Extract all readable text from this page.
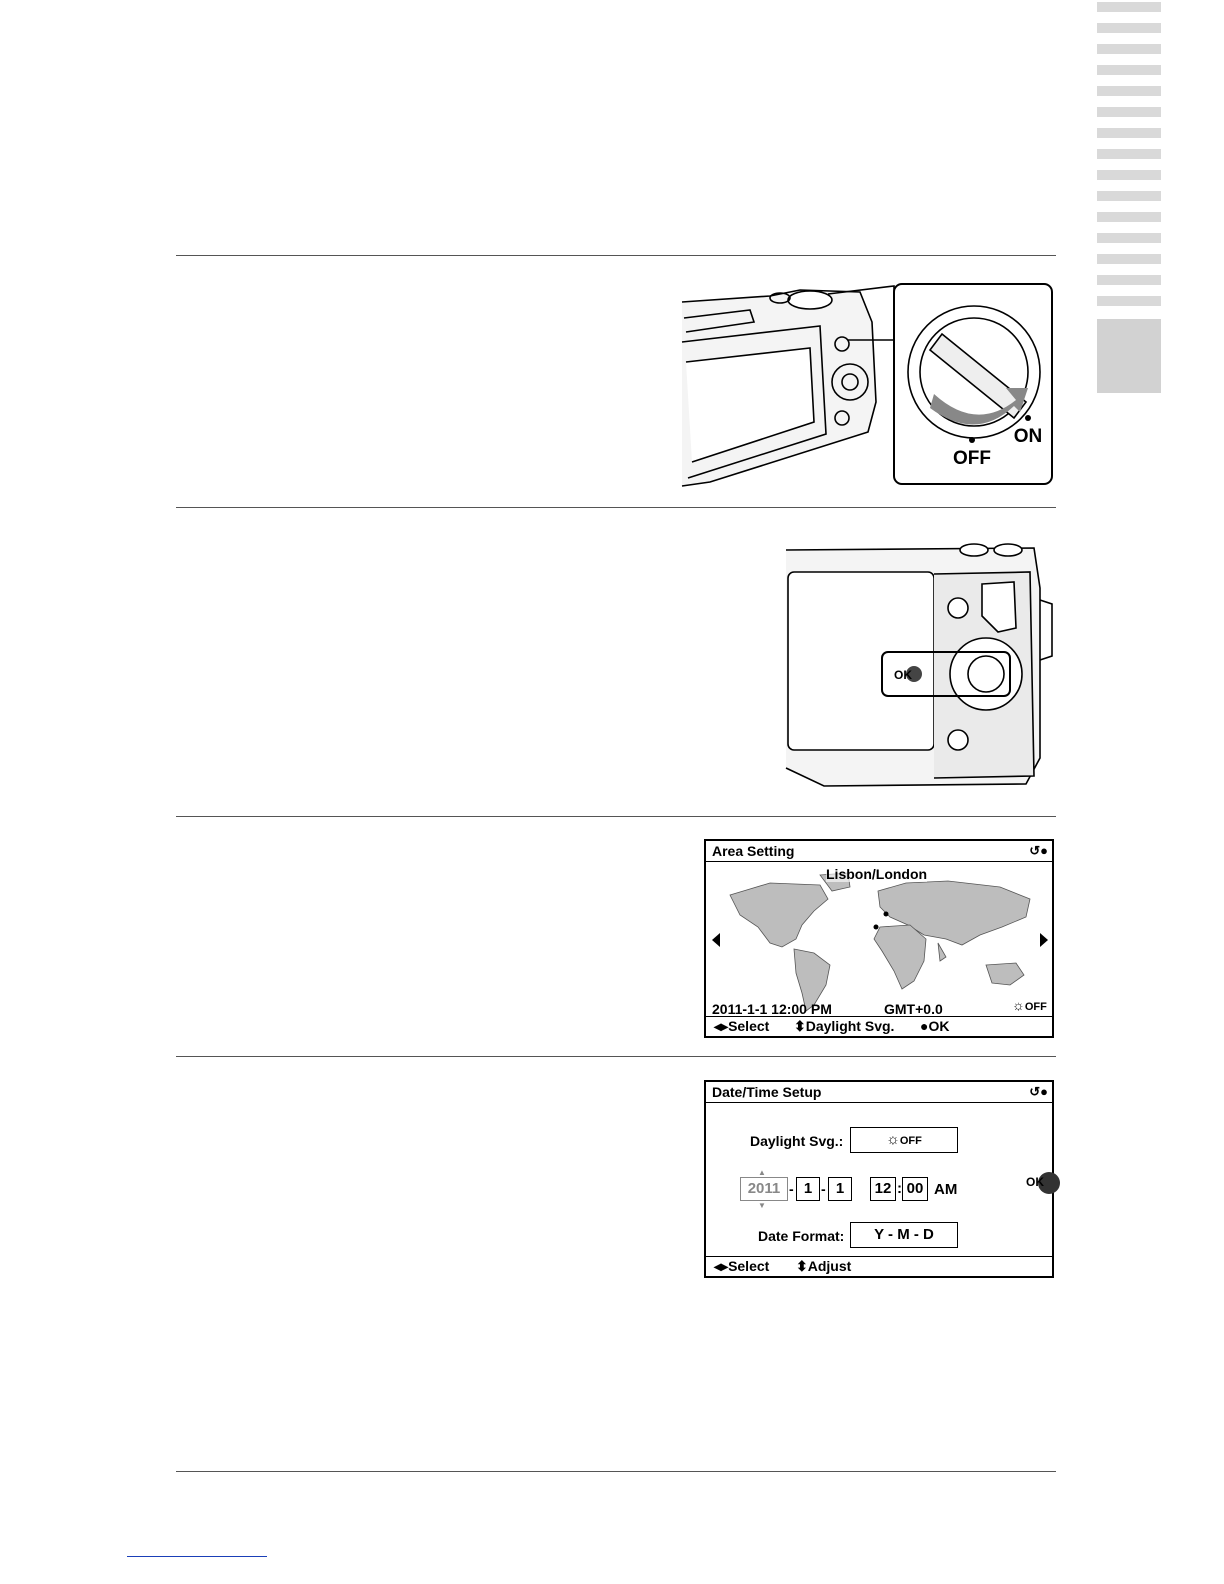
ON
OFF
OK
Area Setting	↺●
Lisbon/London
2011-1-1 12:00 PM	GMT+0.0	☼OFF
◂▸Select ⬍Daylight Svg. ●OK
Date/Time Setup	↺●
Daylight Svg.:	☼OFF
▲
2011
▼
- 1 - 1	12 : 00 AM	OK
Date Format:	Y - M - D
◂▸Select ⬍Adjust
